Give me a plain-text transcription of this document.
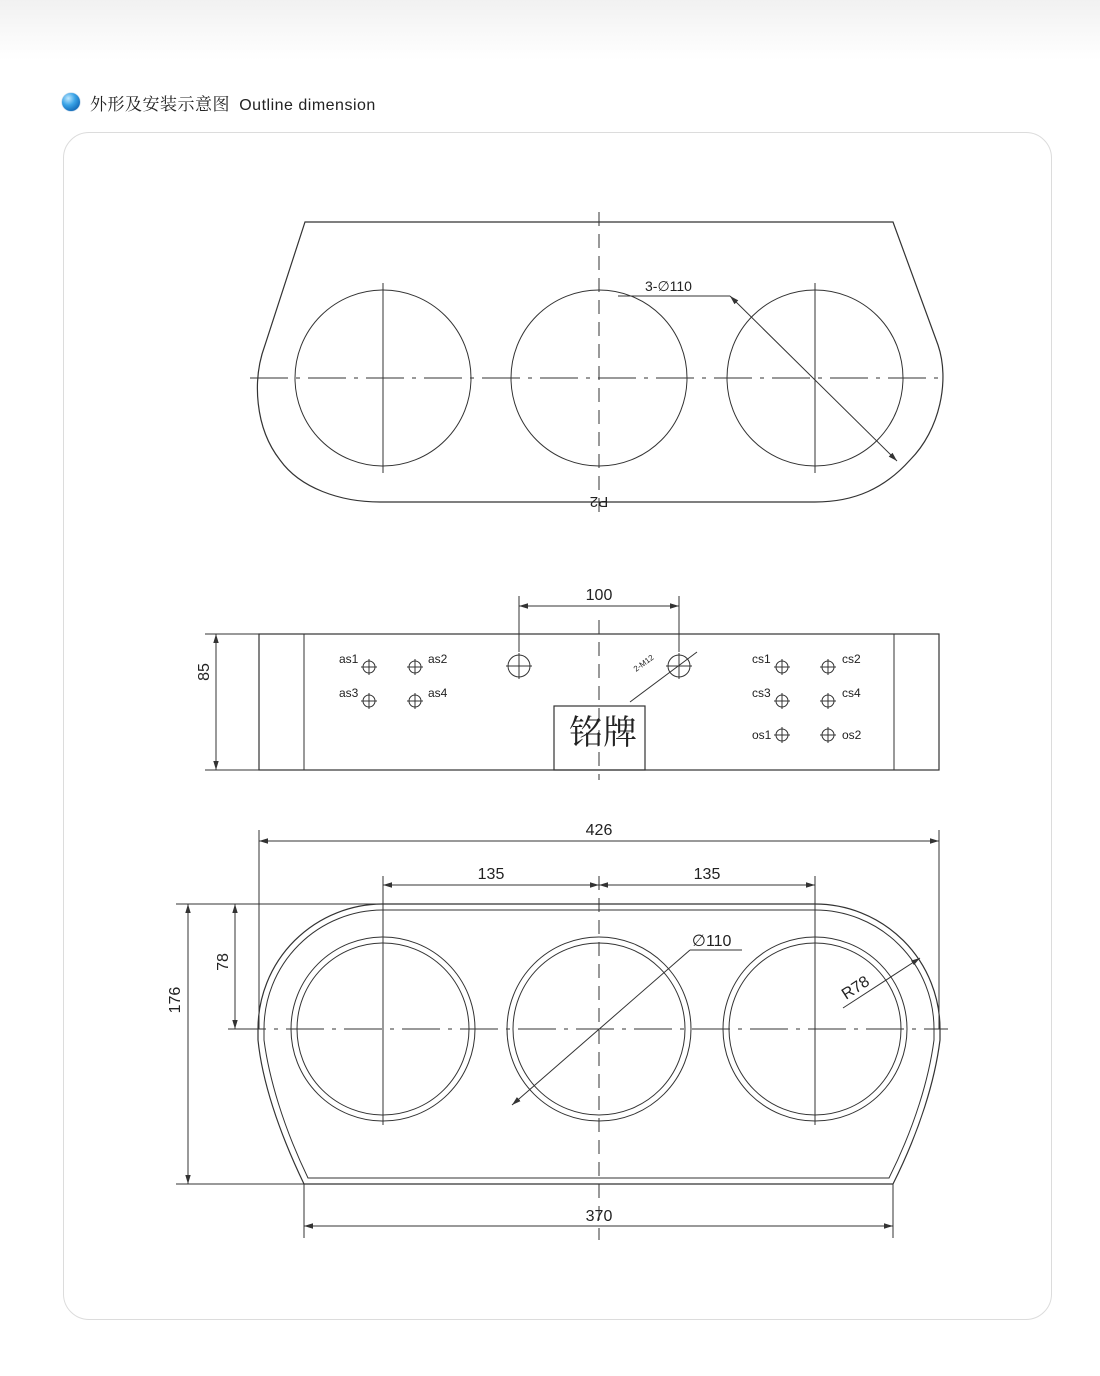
外形及安装示意图 Outline dimension
3-∅110
P2
85
100
2-M12
铭牌
as1	as2
as3	as4
cs1	cs2
cs3	cs4
os1	os2
426
135	135
176
78
∅110
R78
370
